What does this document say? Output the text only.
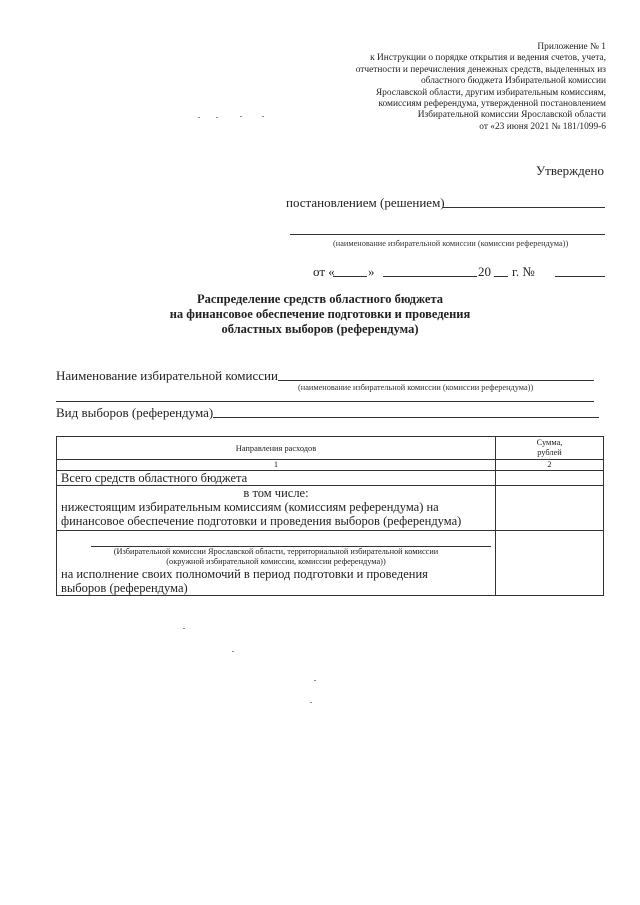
Приложение № 1
к Инструкции о порядке открытия и ведения счетов, учета,
отчетности и перечисления денежных средств, выделенных из
областного бюджета Избирательной комиссии
Ярославской области, другим избирательным комиссиям,
комиссиям референдума, утвержденной постановлением
Избирательной комиссии Ярославской области
от «23 июня 2021 № 181/1099-6
Утверждено
постановлением (решением)
(наименование избирательной комиссии (комиссии референдума))
от «	»	20 г. №
Распределение средств областного бюджета
на финансовое обеспечение подготовки и проведения
областных выборов (референдума)
Наименование избирательной комиссии
(наименование избирательной комиссии (комиссии референдума))
Вид выборов (референдума)
Направления расходов	Сумма,
рублей

1	2
Всего средств областного бюджета	

в том числе:
нижестоящим избирательным комиссиям (комиссиям референдума) на
финансовое обеспечение подготовки и проведения выборов (референдума)	

(Избирательной комиссии Ярославской области, территориальной избирательной комиссии
(окружной избирательной комиссии, комиссии референдума))
на исполнение своих полномочий в период подготовки и проведения
выборов (референдума)	
